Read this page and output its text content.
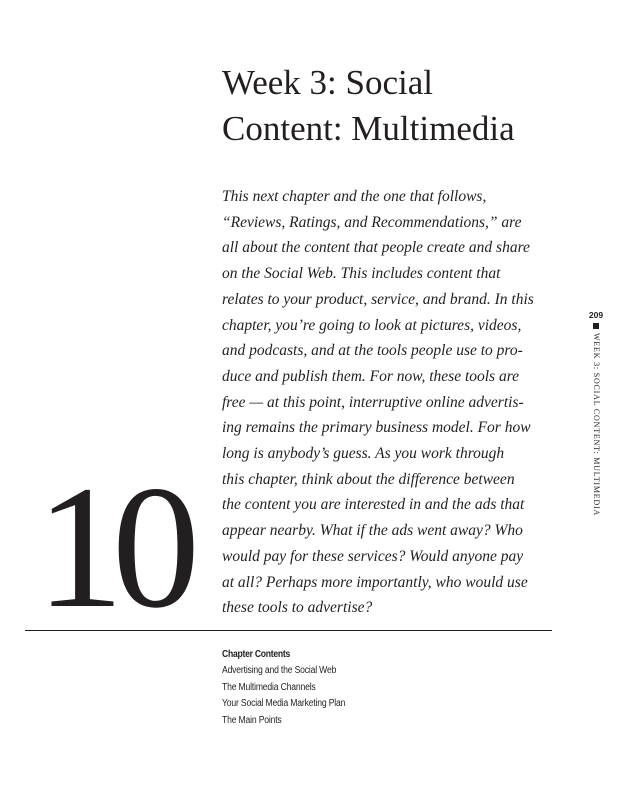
Week 3: Social
Content: Multimedia

This next chapter and the one that follows,
“Reviews, Ratings, and Recommendations,” are
all about the content that people create and share
on the Social Web. This includes content that
relates to your product, service, and brand. In this
chapter, you’re going to look at pictures, videos,
and podcasts, and at the tools people use to pro-
duce and publish them. For now, these tools are
free — at this point, interruptive online advertis-
ing remains the primary business model. For how
long is anybody’s guess. As you work through
this chapter, think about the difference between
the content you are interested in and the ads that
appear nearby. What if the ads went away? Who
would pay for these services? Would anyone pay
at all? Perhaps more importantly, who would use
these tools to advertise?

10
Chapter Contents
Advertising and the Social Web
The Multimedia Channels
Your Social Media Marketing Plan
The Main Points
209
WEEK 3: SOCIAL CONTENT: MULTIMEDIA
